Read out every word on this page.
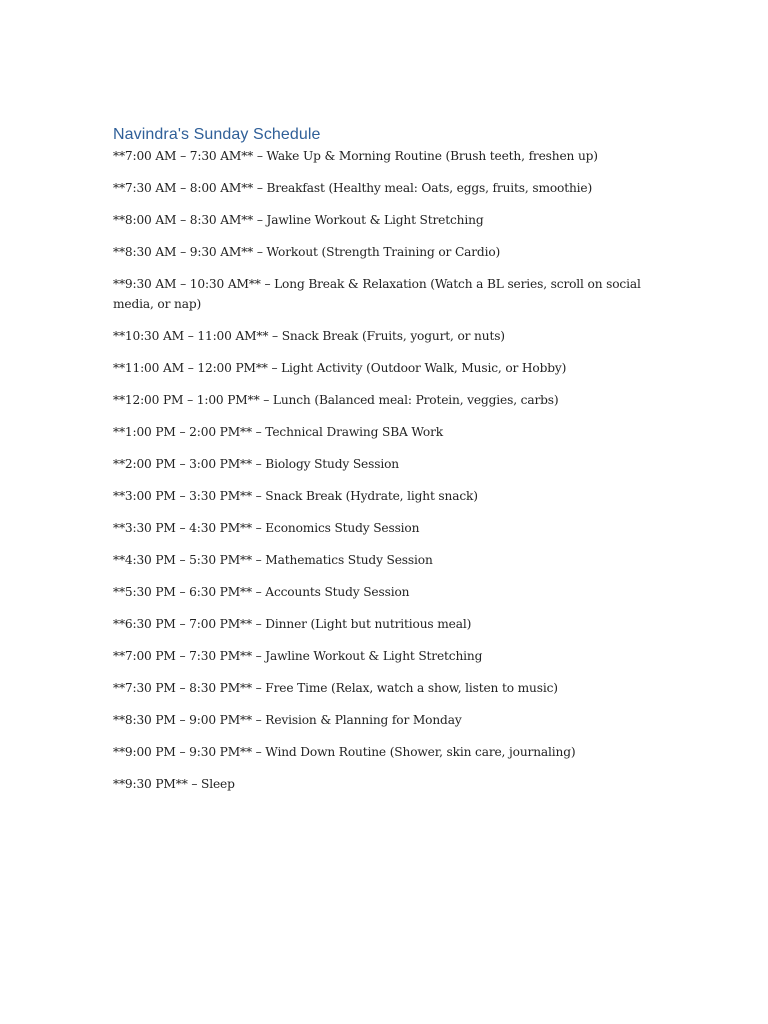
Navindra's Sunday Schedule

**7:00 AM – 7:30 AM** – Wake Up & Morning Routine (Brush teeth, freshen up)

**7:30 AM – 8:00 AM** – Breakfast (Healthy meal: Oats, eggs, fruits, smoothie)

**8:00 AM – 8:30 AM** – Jawline Workout & Light Stretching

**8:30 AM – 9:30 AM** – Workout (Strength Training or Cardio)

**9:30 AM – 10:30 AM** – Long Break & Relaxation (Watch a BL series, scroll on social media, or nap)

**10:30 AM – 11:00 AM** – Snack Break (Fruits, yogurt, or nuts)

**11:00 AM – 12:00 PM** – Light Activity (Outdoor Walk, Music, or Hobby)

**12:00 PM – 1:00 PM** – Lunch (Balanced meal: Protein, veggies, carbs)

**1:00 PM – 2:00 PM** – Technical Drawing SBA Work

**2:00 PM – 3:00 PM** – Biology Study Session

**3:00 PM – 3:30 PM** – Snack Break (Hydrate, light snack)

**3:30 PM – 4:30 PM** – Economics Study Session

**4:30 PM – 5:30 PM** – Mathematics Study Session

**5:30 PM – 6:30 PM** – Accounts Study Session

**6:30 PM – 7:00 PM** – Dinner (Light but nutritious meal)

**7:00 PM – 7:30 PM** – Jawline Workout & Light Stretching

**7:30 PM – 8:30 PM** – Free Time (Relax, watch a show, listen to music)

**8:30 PM – 9:00 PM** – Revision & Planning for Monday

**9:00 PM – 9:30 PM** – Wind Down Routine (Shower, skin care, journaling)

**9:30 PM** – Sleep
